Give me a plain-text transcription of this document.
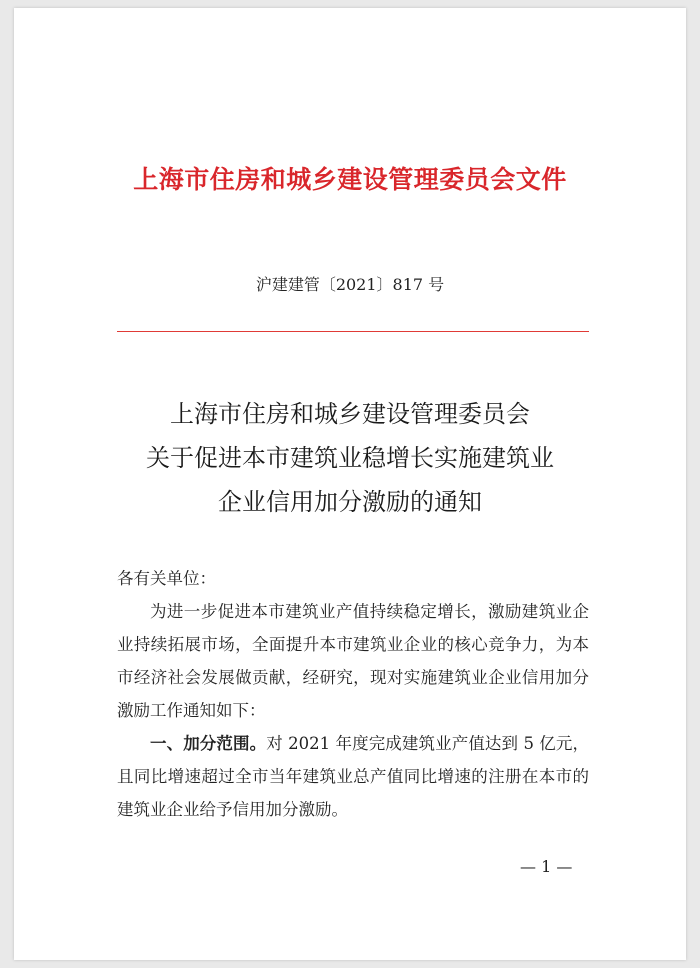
上海市住房和城乡建设管理委员会文件
沪建建管〔2021〕817 号
上海市住房和城乡建设管理委员会
关于促进本市建筑业稳增长实施建筑业
企业信用加分激励的通知

各有关单位：

为进一步促进本市建筑业产值持续稳定增长，激励建筑业企业持续拓展市场，全面提升本市建筑业企业的核心竞争力，为本市经济社会发展做贡献，经研究，现对实施建筑业企业信用加分激励工作通知如下：

一、加分范围。对 2021 年度完成建筑业产值达到 5 亿元，且同比增速超过全市当年建筑业总产值同比增速的注册在本市的建筑业企业给予信用加分激励。

— 1 —
